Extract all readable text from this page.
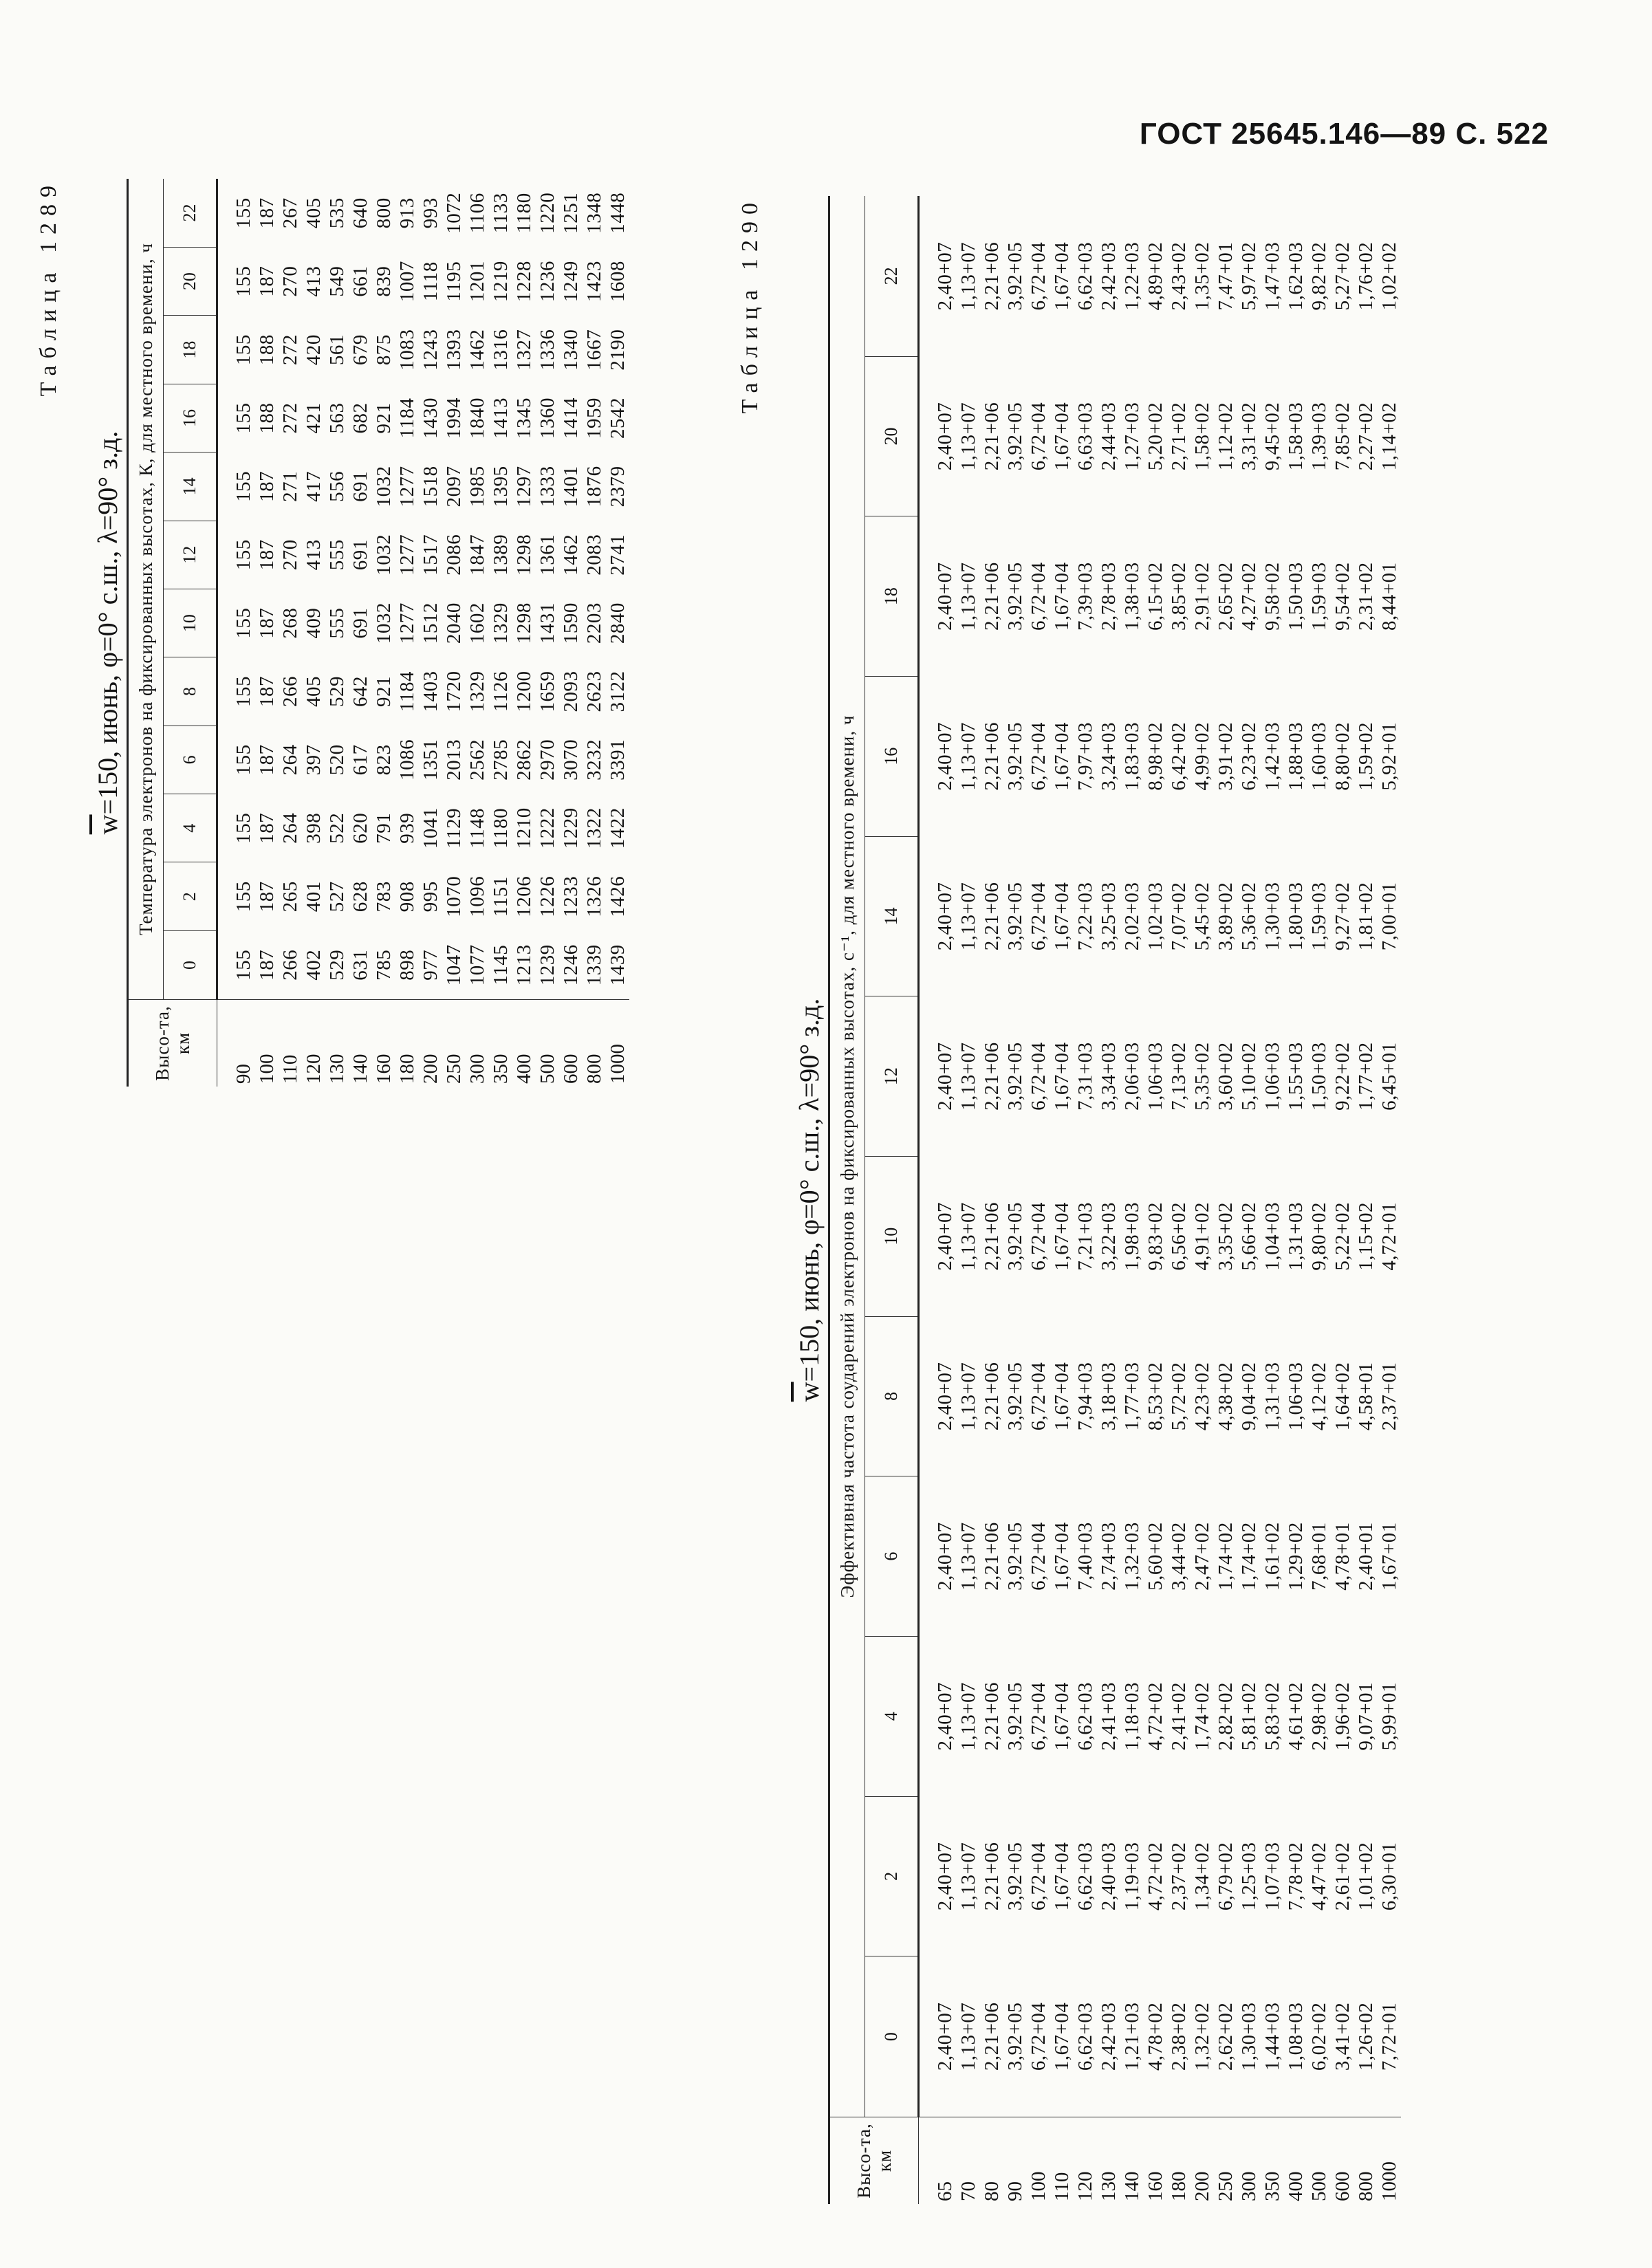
ГОСТ 25645.146—89 С. 522
Таблица 1289
$\overline{w}=150$, июнь, φ=0° с.ш., λ=90° з.д.
Высо-та, км	Температура электронов на фиксированных высотах, К, для местного времени, ч											
	0	2	4	6	8	10	12	14	16	18	20	22
90	155	155	155	155	155	155	155	155	155	155	155	155
100	187	187	187	187	187	187	187	187	188	188	187	187
110	266	265	264	264	266	268	270	271	272	272	270	267
120	402	401	398	397	405	409	413	417	421	420	413	405
130	529	527	522	520	529	555	555	556	563	561	549	535
140	631	628	620	617	642	691	691	691	682	679	661	640
160	785	783	791	823	921	1032	1032	1032	921	875	839	800
180	898	908	939	1086	1184	1277	1277	1277	1184	1083	1007	913
200	977	995	1041	1351	1403	1512	1517	1518	1430	1243	1118	993
250	1047	1070	1129	2013	1720	2040	2086	2097	1994	1393	1195	1072
300	1077	1096	1148	2562	1329	1602	1847	1985	1840	1462	1201	1106
350	1145	1151	1180	2785	1126	1329	1389	1395	1413	1316	1219	1133
400	1213	1206	1210	2862	1200	1298	1298	1297	1345	1327	1228	1180
500	1239	1226	1222	2970	1659	1431	1361	1333	1360	1336	1236	1220
600	1246	1233	1229	3070	2093	1590	1462	1401	1414	1340	1249	1251
800	1339	1326	1322	3232	2623	2203	2083	1876	1959	1667	1423	1348
1000	1439	1426	1422	3391	3122	2840	2741	2379	2542	2190	1608	1448	Таблица 1290
$\overline{w}=150$, июнь, φ=0° с.ш., λ=90° з.д.
Высо-та, км	Эффективная частота соударений электронов на фиксированных высотах, с⁻¹, для местного времени, ч											
	0	2	4	6	8	10	12	14	16	18	20	22
65	2,40+07	2,40+07	2,40+07	2,40+07	2,40+07	2,40+07	2,40+07	2,40+07	2,40+07	2,40+07	2,40+07	2,40+07
70	1,13+07	1,13+07	1,13+07	1,13+07	1,13+07	1,13+07	1,13+07	1,13+07	1,13+07	1,13+07	1,13+07	1,13+07
80	2,21+06	2,21+06	2,21+06	2,21+06	2,21+06	2,21+06	2,21+06	2,21+06	2,21+06	2,21+06	2,21+06	2,21+06
90	3,92+05	3,92+05	3,92+05	3,92+05	3,92+05	3,92+05	3,92+05	3,92+05	3,92+05	3,92+05	3,92+05	3,92+05
100	6,72+04	6,72+04	6,72+04	6,72+04	6,72+04	6,72+04	6,72+04	6,72+04	6,72+04	6,72+04	6,72+04	6,72+04
110	1,67+04	1,67+04	1,67+04	1,67+04	1,67+04	1,67+04	1,67+04	1,67+04	1,67+04	1,67+04	1,67+04	1,67+04
120	6,62+03	6,62+03	6,62+03	7,40+03	7,94+03	7,21+03	7,31+03	7,22+03	7,97+03	7,39+03	6,63+03	6,62+03
130	2,42+03	2,40+03	2,41+03	2,74+03	3,18+03	3,22+03	3,34+03	3,25+03	3,24+03	2,78+03	2,44+03	2,42+03
140	1,21+03	1,19+03	1,18+03	1,32+03	1,77+03	1,98+03	2,06+03	2,02+03	1,83+03	1,38+03	1,27+03	1,22+03
160	4,78+02	4,72+02	4,72+02	5,60+02	8,53+02	9,83+02	1,06+03	1,02+03	8,98+02	6,15+02	5,20+02	4,89+02
180	2,38+02	2,37+02	2,41+02	3,44+02	5,72+02	6,56+02	7,13+02	7,07+02	6,42+02	3,85+02	2,71+02	2,43+02
200	1,32+02	1,34+02	1,74+02	2,47+02	4,23+02	4,91+02	5,35+02	5,45+02	4,99+02	2,91+02	1,58+02	1,35+02
250	2,62+02	6,79+02	2,82+02	1,74+02	4,38+02	3,35+02	3,60+02	3,89+02	3,91+02	2,65+02	1,12+02	7,47+01
300	1,30+03	1,25+03	5,81+02	1,74+02	9,04+02	5,66+02	5,10+02	5,36+02	6,23+02	4,27+02	3,31+02	5,97+02
350	1,44+03	1,07+03	5,83+02	1,61+02	1,31+03	1,04+03	1,06+03	1,30+03	1,42+03	9,58+02	9,45+02	1,47+03
400	1,08+03	7,78+02	4,61+02	1,29+02	1,06+03	1,31+03	1,55+03	1,80+03	1,88+03	1,50+03	1,58+03	1,62+03
500	6,02+02	4,47+02	2,98+02	7,68+01	4,12+02	9,80+02	1,50+03	1,59+03	1,60+03	1,59+03	1,39+03	9,82+02
600	3,41+02	2,61+02	1,96+02	4,78+01	1,64+02	5,22+02	9,22+02	9,27+02	8,80+02	9,54+02	7,85+02	5,27+02
800	1,26+02	1,01+02	9,07+01	2,40+01	4,58+01	1,15+02	1,77+02	1,81+02	1,59+02	2,31+02	2,27+02	1,76+02
1000	7,72+01	6,30+01	5,99+01	1,67+01	2,37+01	4,72+01	6,45+01	7,00+01	5,92+01	8,44+01	1,14+02	1,02+02
